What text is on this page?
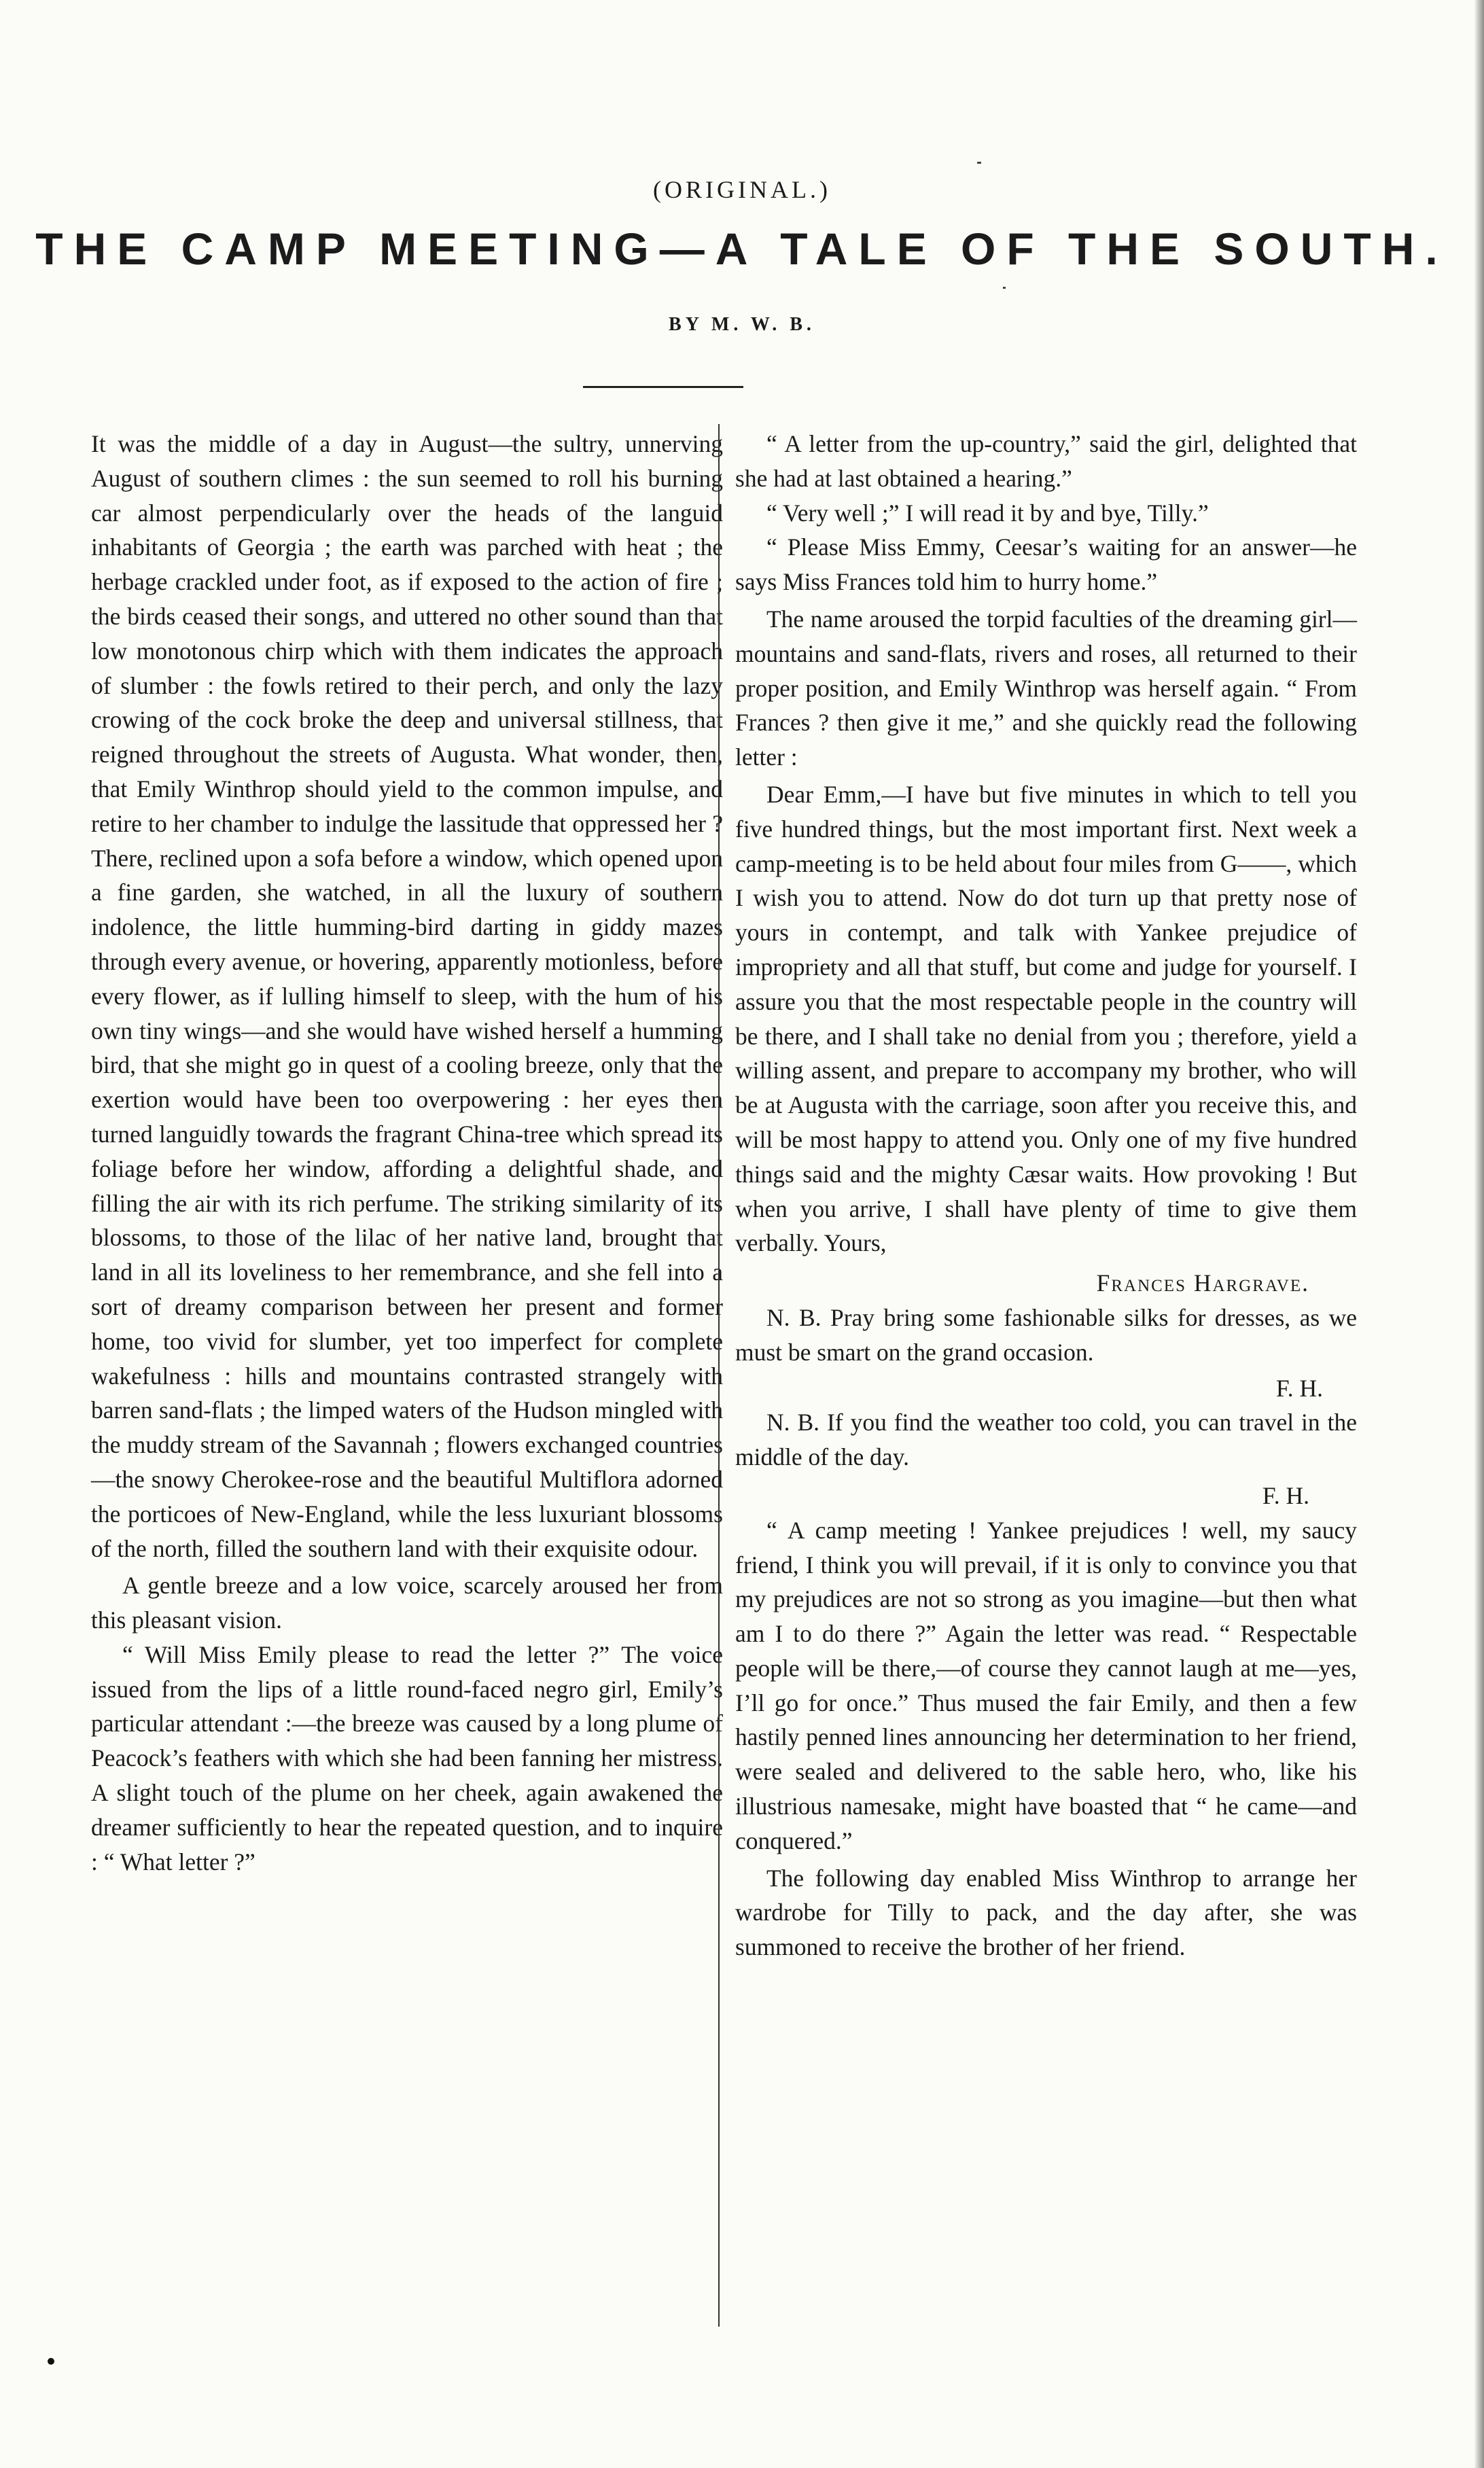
(ORIGINAL.)
THE CAMP MEETING—A TALE OF THE SOUTH.
BY M. W. B.

It was the middle of a day in August—the sultry, unnerving August of southern climes : the sun seemed to roll his burning car almost perpendicularly over the heads of the languid inhabitants of Georgia ; the earth was parched with heat ; the herbage crackled under foot, as if exposed to the action of fire ; the birds ceased their songs, and uttered no other sound than that low monotonous chirp which with them indicates the approach of slumber : the fowls retired to their perch, and only the lazy crowing of the cock broke the deep and universal stillness, that reigned throughout the streets of Augusta. What wonder, then, that Emily Winthrop should yield to the common impulse, and retire to her chamber to indulge the lassitude that oppressed her ? There, reclined upon a sofa before a window, which opened upon a fine garden, she watched, in all the luxury of southern indolence, the little humming-bird darting in giddy mazes through every avenue, or hovering, apparently motionless, before every flower, as if lulling himself to sleep, with the hum of his own tiny wings—and she would have wished herself a humming bird, that she might go in quest of a cooling breeze, only that the exertion would have been too overpowering : her eyes then turned languidly towards the fragrant China-tree which spread its foliage before her window, affording a delightful shade, and filling the air with its rich perfume. The striking similarity of its blossoms, to those of the lilac of her native land, brought that land in all its loveliness to her remembrance, and she fell into a sort of dreamy comparison between her present and former home, too vivid for slumber, yet too imperfect for complete wakefulness : hills and mountains contrasted strangely with barren sand-flats ; the limped waters of the Hudson mingled with the muddy stream of the Savannah ; flowers exchanged countries—the snowy Cherokee-rose and the beautiful Multiflora adorned the porticoes of New-England, while the less luxuriant blossoms of the north, filled the southern land with their exquisite odour.

A gentle breeze and a low voice, scarcely aroused her from this pleasant vision.

“ Will Miss Emily please to read the letter ?” The voice issued from the lips of a little round-faced negro girl, Emily’s particular attendant :—the breeze was caused by a long plume of Peacock’s feathers with which she had been fanning her mistress. A slight touch of the plume on her cheek, again awakened the dreamer sufficiently to hear the repeated question, and to inquire : “ What letter ?”

“ A letter from the up-country,” said the girl, delighted that she had at last obtained a hearing.”

“ Very well ;” I will read it by and bye, Tilly.”

“ Please Miss Emmy, Ceesar’s waiting for an answer—he says Miss Frances told him to hurry home.”

The name aroused the torpid faculties of the dreaming girl—mountains and sand-flats, rivers and roses, all returned to their proper position, and Emily Winthrop was herself again. “ From Frances ? then give it me,” and she quickly read the following letter :

Dear Emm,—I have but five minutes in which to tell you five hundred things, but the most important first. Next week a camp-meeting is to be held about four miles from G——, which I wish you to attend. Now do dot turn up that pretty nose of yours in contempt, and talk with Yankee prejudice of impropriety and all that stuff, but come and judge for yourself. I assure you that the most respectable people in the country will be there, and I shall take no denial from you ; therefore, yield a willing assent, and prepare to accompany my brother, who will be at Augusta with the carriage, soon after you receive this, and will be most happy to attend you. Only one of my five hundred things said and the mighty Cæsar waits. How provoking ! But when you arrive, I shall have plenty of time to give them verbally. Yours,

Frances Hargrave.

N. B. Pray bring some fashionable silks for dresses, as we must be smart on the grand occasion.

F. H.

N. B. If you find the weather too cold, you can travel in the middle of the day.

F. H.

“ A camp meeting ! Yankee prejudices ! well, my saucy friend, I think you will prevail, if it is only to convince you that my prejudices are not so strong as you imagine—but then what am I to do there ?” Again the letter was read. “ Respectable people will be there,—of course they cannot laugh at me—yes, I’ll go for once.” Thus mused the fair Emily, and then a few hastily penned lines announcing her determination to her friend, were sealed and delivered to the sable hero, who, like his illustrious namesake, might have boasted that “ he came—and conquered.”

The following day enabled Miss Winthrop to arrange her wardrobe for Tilly to pack, and the day after, she was summoned to receive the brother of her friend.
